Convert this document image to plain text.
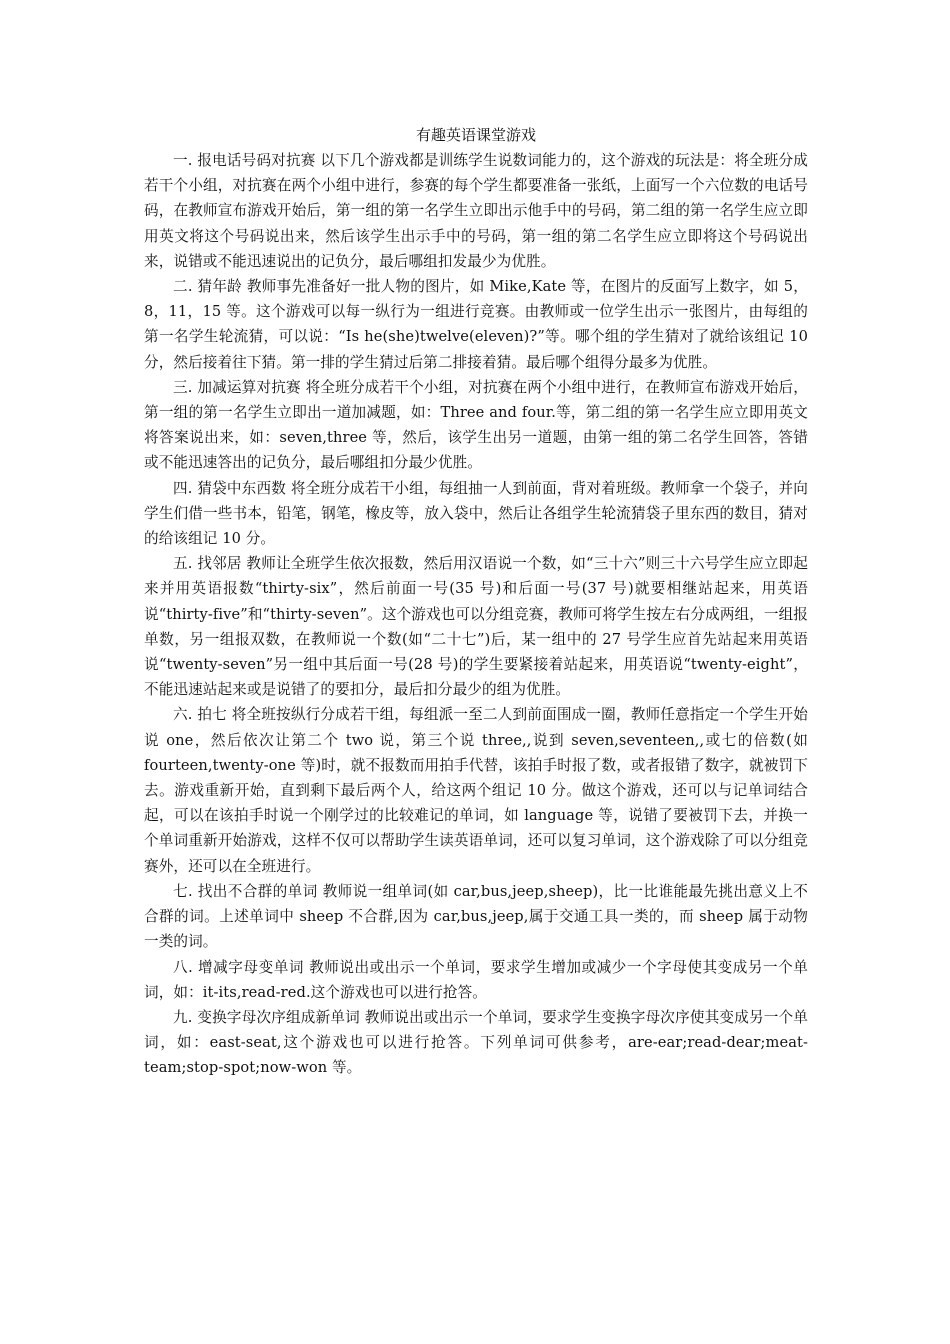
有趣英语课堂游戏

一. 报电话号码对抗赛 以下几个游戏都是训练学生说数词能力的，这个游戏的玩法是：将全班分成若干个小组，对抗赛在两个小组中进行，参赛的每个学生都要准备一张纸，上面写一个六位数的电话号码，在教师宣布游戏开始后，第一组的第一名学生立即出示他手中的号码，第二组的第一名学生应立即用英文将这个号码说出来，然后该学生出示手中的号码，第一组的第二名学生应立即将这个号码说出来，说错或不能迅速说出的记负分，最后哪组扣发最少为优胜。

二. 猜年龄 教师事先准备好一批人物的图片，如 Mike,Kate 等，在图片的反面写上数字，如 5，8，11，15 等。这个游戏可以每一纵行为一组进行竞赛。由教师或一位学生出示一张图片，由每组的第一名学生轮流猜，可以说：“Is he(she)twelve(eleven)?”等。哪个组的学生猜对了就给该组记 10 分，然后接着往下猜。第一排的学生猜过后第二排接着猜。最后哪个组得分最多为优胜。

三. 加减运算对抗赛 将全班分成若干个小组，对抗赛在两个小组中进行，在教师宣布游戏开始后，第一组的第一名学生立即出一道加减题，如：Three and four.等，第二组的第一名学生应立即用英文将答案说出来，如：seven,three 等，然后，该学生出另一道题，由第一组的第二名学生回答，答错或不能迅速答出的记负分，最后哪组扣分最少优胜。

四. 猜袋中东西数 将全班分成若干小组，每组抽一人到前面，背对着班级。教师拿一个袋子，并向学生们借一些书本，铅笔，钢笔，橡皮等，放入袋中，然后让各组学生轮流猜袋子里东西的数目，猜对的给该组记 10 分。

五. 找邻居 教师让全班学生依次报数，然后用汉语说一个数，如“三十六”则三十六号学生应立即起来并用英语报数“thirty-six”，然后前面一号(35 号)和后面一号(37 号)就要相继站起来，用英语说“thirty-five”和“thirty-seven”。这个游戏也可以分组竞赛，教师可将学生按左右分成两组，一组报单数，另一组报双数，在教师说一个数(如“二十七”)后，某一组中的 27 号学生应首先站起来用英语说“twenty-seven”另一组中其后面一号(28 号)的学生要紧接着站起来，用英语说“twenty-eight”，不能迅速站起来或是说错了的要扣分，最后扣分最少的组为优胜。

六. 拍七 将全班按纵行分成若干组，每组派一至二人到前面围成一圈，教师任意指定一个学生开始说 one，然后依次让第二个 two 说，第三个说 three,,说到 seven,seventeen,,或七的倍数(如 fourteen,twenty-one 等)时，就不报数而用拍手代替，该拍手时报了数，或者报错了数字，就被罚下去。游戏重新开始，直到剩下最后两个人，给这两个组记 10 分。做这个游戏，还可以与记单词结合起，可以在该拍手时说一个刚学过的比较难记的单词，如 language 等，说错了要被罚下去，并换一个单词重新开始游戏，这样不仅可以帮助学生读英语单词，还可以复习单词，这个游戏除了可以分组竞赛外，还可以在全班进行。

七. 找出不合群的单词 教师说一组单词(如 car,bus,jeep,sheep)，比一比谁能最先挑出意义上不合群的词。上述单词中 sheep 不合群,因为 car,bus,jeep,属于交通工具一类的，而 sheep 属于动物一类的词。

八. 增减字母变单词 教师说出或出示一个单词，要求学生增加或减少一个字母使其变成另一个单词，如：it-its,read-red.这个游戏也可以进行抢答。

九. 变换字母次序组成新单词 教师说出或出示一个单词，要求学生变换字母次序使其变成另一个单词，如：east-seat,这个游戏也可以进行抢答。下列单词可供参考，are-ear;read-dear;meat-team;stop-spot;now-won 等。
